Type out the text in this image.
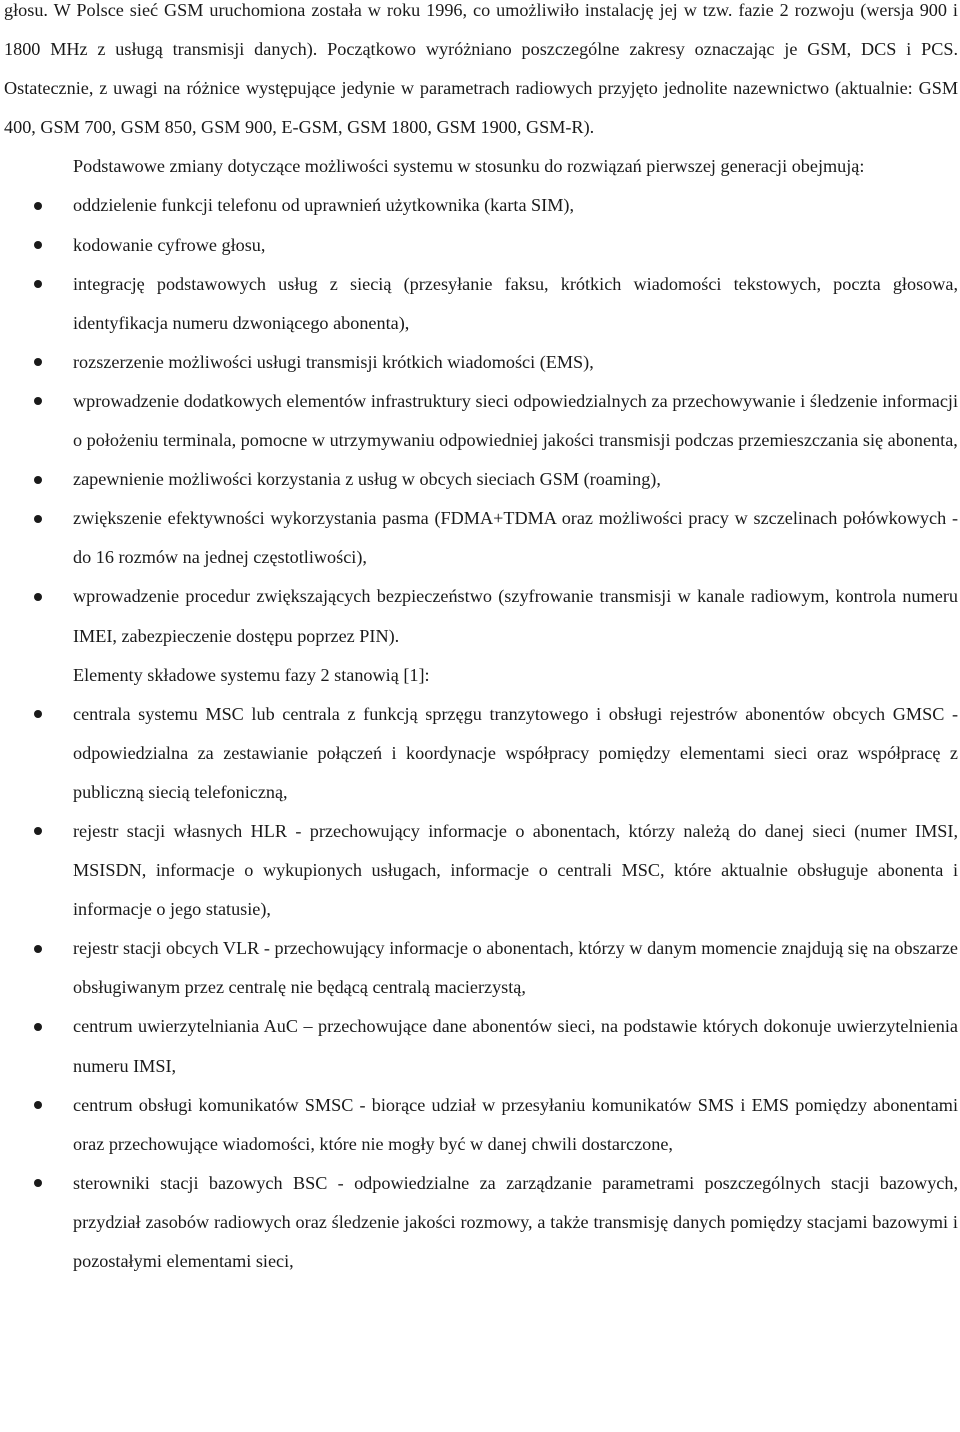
głosu. W Polsce sieć GSM uruchomiona została w roku 1996, co umożliwiło instalację jej w tzw. fazie 2 rozwoju (wersja 900 i 1800 MHz z usługą transmisji danych). Początkowo wyróżniano poszczególne zakresy oznaczając je GSM, DCS i PCS. Ostatecznie, z uwagi na różnice występujące jedynie w parametrach radiowych przyjęto jednolite nazewnictwo (aktualnie: GSM 400, GSM 700, GSM 850, GSM 900, E-GSM, GSM 1800, GSM 1900, GSM-R).

Podstawowe zmiany dotyczące możliwości systemu w stosunku do rozwiązań pierwszej generacji obejmują:

oddzielenie funkcji telefonu od uprawnień użytkownika (karta SIM),
kodowanie cyfrowe głosu,
integrację podstawowych usług z siecią (przesyłanie faksu, krótkich wiadomości tekstowych, poczta głosowa, identyfikacja numeru dzwoniącego abonenta),
rozszerzenie możliwości usługi transmisji krótkich wiadomości (EMS),
wprowadzenie dodatkowych elementów infrastruktury sieci odpowiedzialnych za przechowywanie i śledzenie informacji o położeniu terminala, pomocne w utrzymywaniu odpowiedniej jakości transmisji podczas przemieszczania się abonenta,
zapewnienie możliwości korzystania z usług w obcych sieciach GSM (roaming),
zwiększenie efektywności wykorzystania pasma (FDMA+TDMA oraz możliwości pracy w szczelinach połówkowych - do 16 rozmów na jednej częstotliwości),
wprowadzenie procedur zwiększających bezpieczeństwo (szyfrowanie transmisji w kanale radiowym, kontrola numeru IMEI, zabezpieczenie dostępu poprzez PIN).

Elementy składowe systemu fazy 2 stanowią [1]:

centrala systemu MSC lub centrala z funkcją sprzęgu tranzytowego i obsługi rejestrów abonentów obcych GMSC - odpowiedzialna za zestawianie połączeń i koordynacje współpracy pomiędzy elementami sieci oraz współpracę z publiczną siecią telefoniczną,
rejestr stacji własnych HLR - przechowujący informacje o abonentach, którzy należą do danej sieci (numer IMSI, MSISDN, informacje o wykupionych usługach, informacje o centrali MSC, które aktualnie obsługuje abonenta i informacje o jego statusie),
rejestr stacji obcych VLR - przechowujący informacje o abonentach, którzy w danym momencie znajdują się na obszarze obsługiwanym przez centralę nie będącą centralą macierzystą,
centrum uwierzytelniania AuC – przechowujące dane abonentów sieci, na podstawie których dokonuje uwierzytelnienia numeru IMSI,
centrum obsługi komunikatów SMSC - biorące udział w przesyłaniu komunikatów SMS i EMS pomiędzy abonentami oraz przechowujące wiadomości, które nie mogły być w danej chwili dostarczone,
sterowniki stacji bazowych BSC - odpowiedzialne za zarządzanie parametrami poszczególnych stacji bazowych, przydział zasobów radiowych oraz śledzenie jakości rozmowy, a także transmisję danych pomiędzy stacjami bazowymi i pozostałymi elementami sieci,
